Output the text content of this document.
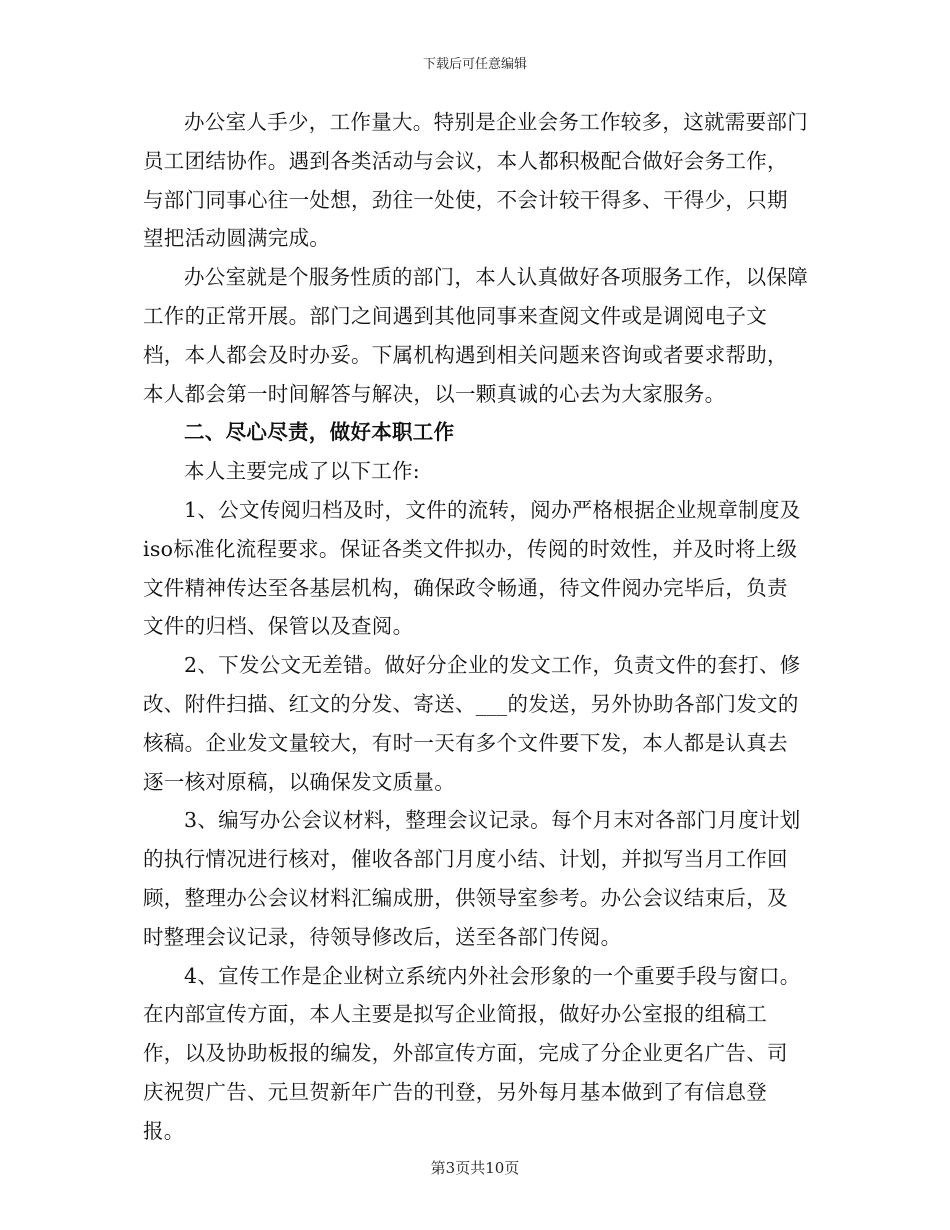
下载后可任意编辑

办公室人手少，工作量大。特别是企业会务工作较多，这就需要部门员工团结协作。遇到各类活动与会议，本人都积极配合做好会务工作，与部门同事心往一处想，劲往一处使，不会计较干得多、干得少，只期望把活动圆满完成。

办公室就是个服务性质的部门，本人认真做好各项服务工作，以保障工作的正常开展。部门之间遇到其他同事来查阅文件或是调阅电子文档，本人都会及时办妥。下属机构遇到相关问题来咨询或者要求帮助，本人都会第一时间解答与解决，以一颗真诚的心去为大家服务。

二、尽心尽责，做好本职工作

本人主要完成了以下工作:

1、公文传阅归档及时，文件的流转，阅办严格根据企业规章制度及iso标准化流程要求。保证各类文件拟办，传阅的时效性，并及时将上级文件精神传达至各基层机构，确保政令畅通，待文件阅办完毕后，负责文件的归档、保管以及查阅。

2、下发公文无差错。做好分企业的发文工作，负责文件的套打、修改、附件扫描、红文的分发、寄送、___的发送，另外协助各部门发文的核稿。企业发文量较大，有时一天有多个文件要下发，本人都是认真去逐一核对原稿，以确保发文质量。

3、编写办公会议材料，整理会议记录。每个月末对各部门月度计划的执行情况进行核对，催收各部门月度小结、计划，并拟写当月工作回顾，整理办公会议材料汇编成册，供领导室参考。办公会议结束后，及时整理会议记录，待领导修改后，送至各部门传阅。

4、宣传工作是企业树立系统内外社会形象的一个重要手段与窗口。在内部宣传方面，本人主要是拟写企业简报，做好办公室报的组稿工作，以及协助板报的编发，外部宣传方面，完成了分企业更名广告、司庆祝贺广告、元旦贺新年广告的刊登，另外每月基本做到了有信息登报。

第3页共10页
